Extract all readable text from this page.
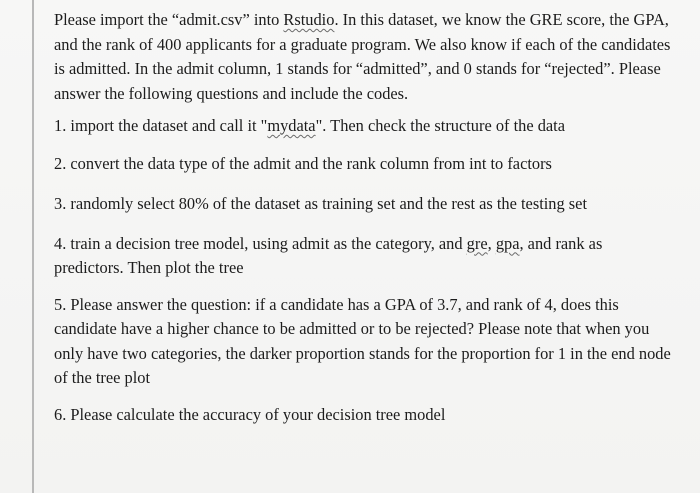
Please import the “admit.csv” into Rstudio. In this dataset, we know the GRE score, the GPA, and the rank of 400 applicants for a graduate program. We also know if each of the candidates is admitted. In the admit column, 1 stands for “admitted”, and 0 stands for “rejected”. Please answer the following questions and include the codes.

1. import the dataset and call it "mydata". Then check the structure of the data

2. convert the data type of the admit and the rank column from int to factors

3. randomly select 80% of the dataset as training set and the rest as the testing set

4. train a decision tree model, using admit as the category, and gre, gpa, and rank as predictors. Then plot the tree

5. Please answer the question: if a candidate has a GPA of 3.7, and rank of 4, does this candidate have a higher chance to be admitted or to be rejected? Please note that when you only have two categories, the darker proportion stands for the proportion for 1 in the end node of the tree plot

6. Please calculate the accuracy of your decision tree model
